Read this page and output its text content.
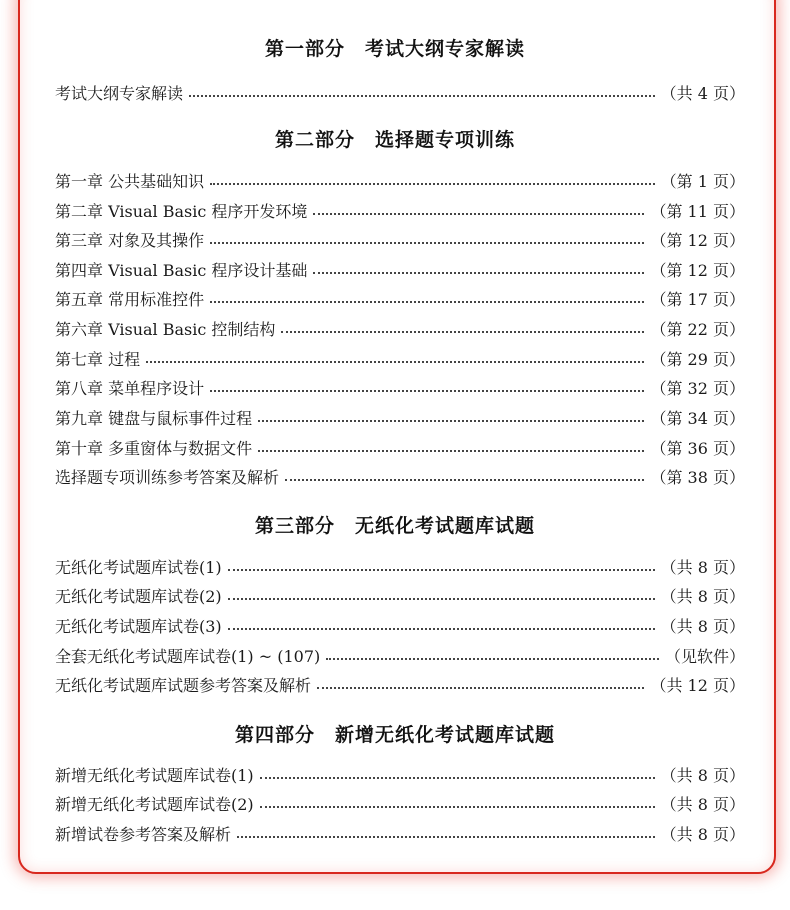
第一部分　考试大纲专家解读
考试大纲专家解读	（共 4 页）
第二部分　选择题专项训练
第一章 公共基础知识	（第 1 页）
第二章 Visual Basic 程序开发环境	（第 11 页）
第三章 对象及其操作	（第 12 页）
第四章 Visual Basic 程序设计基础	（第 12 页）
第五章 常用标准控件	（第 17 页）
第六章 Visual Basic 控制结构	（第 22 页）
第七章 过程	（第 29 页）
第八章 菜单程序设计	（第 32 页）
第九章 键盘与鼠标事件过程	（第 34 页）
第十章 多重窗体与数据文件	（第 36 页）
选择题专项训练参考答案及解析	（第 38 页）
第三部分　无纸化考试题库试题
无纸化考试题库试卷(1)	（共 8 页）
无纸化考试题库试卷(2)	（共 8 页）
无纸化考试题库试卷(3)	（共 8 页）
全套无纸化考试题库试卷(1) ~ (107)	（见软件）
无纸化考试题库试题参考答案及解析	（共 12 页）
第四部分　新增无纸化考试题库试题
新增无纸化考试题库试卷(1)	（共 8 页）
新增无纸化考试题库试卷(2)	（共 8 页）
新增试卷参考答案及解析	（共 8 页）
